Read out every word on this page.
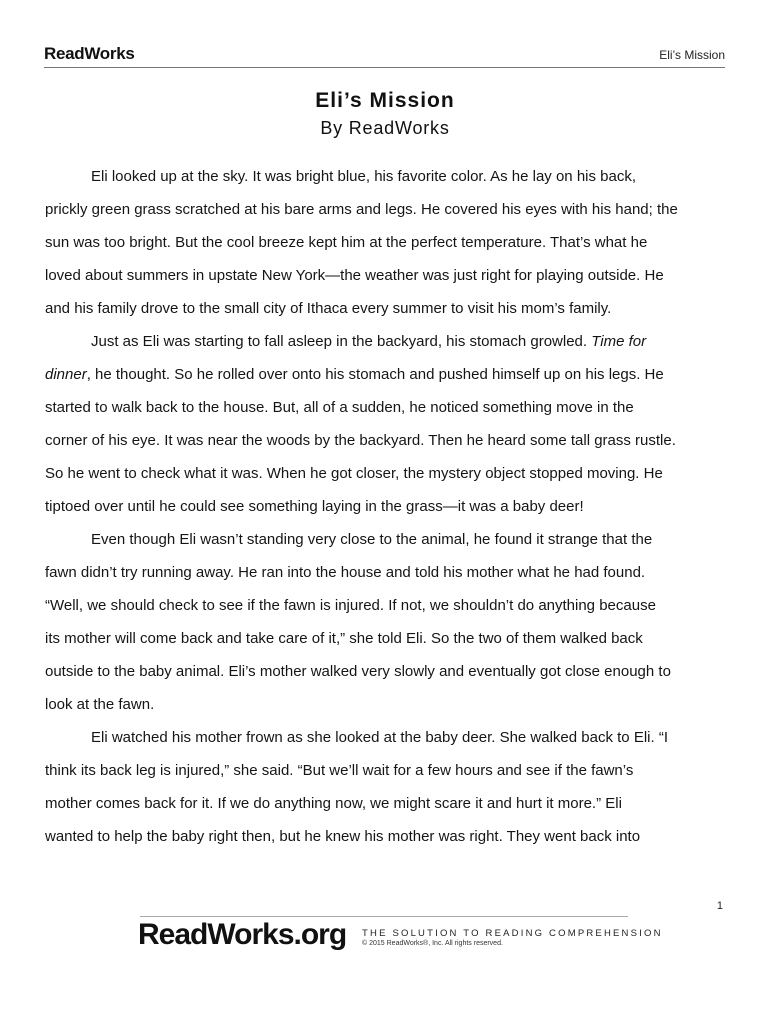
ReadWorks	Eli’s Mission
Eli’s Mission
By ReadWorks
Eli looked up at the sky. It was bright blue, his favorite color. As he lay on his back,
prickly green grass scratched at his bare arms and legs. He covered his eyes with his hand; the
sun was too bright. But the cool breeze kept him at the perfect temperature. That’s what he
loved about summers in upstate New York—the weather was just right for playing outside. He
and his family drove to the small city of Ithaca every summer to visit his mom’s family.
Just as Eli was starting to fall asleep in the backyard, his stomach growled. Time for
dinner, he thought. So he rolled over onto his stomach and pushed himself up on his legs. He
started to walk back to the house. But, all of a sudden, he noticed something move in the
corner of his eye. It was near the woods by the backyard. Then he heard some tall grass rustle.
So he went to check what it was. When he got closer, the mystery object stopped moving. He
tiptoed over until he could see something laying in the grass—it was a baby deer!
Even though Eli wasn’t standing very close to the animal, he found it strange that the
fawn didn’t try running away. He ran into the house and told his mother what he had found.
“Well, we should check to see if the fawn is injured. If not, we shouldn’t do anything because
its mother will come back and take care of it,” she told Eli. So the two of them walked back
outside to the baby animal. Eli’s mother walked very slowly and eventually got close enough to
look at the fawn.
Eli watched his mother frown as she looked at the baby deer. She walked back to Eli. “I
think its back leg is injured,” she said. “But we’ll wait for a few hours and see if the fawn’s
mother comes back for it. If we do anything now, we might scare it and hurt it more.” Eli
wanted to help the baby right then, but he knew his mother was right. They went back into
1
ReadWorks.org THE SOLUTION TO READING COMPREHENSION
© 2015 ReadWorks®, Inc. All rights reserved.
